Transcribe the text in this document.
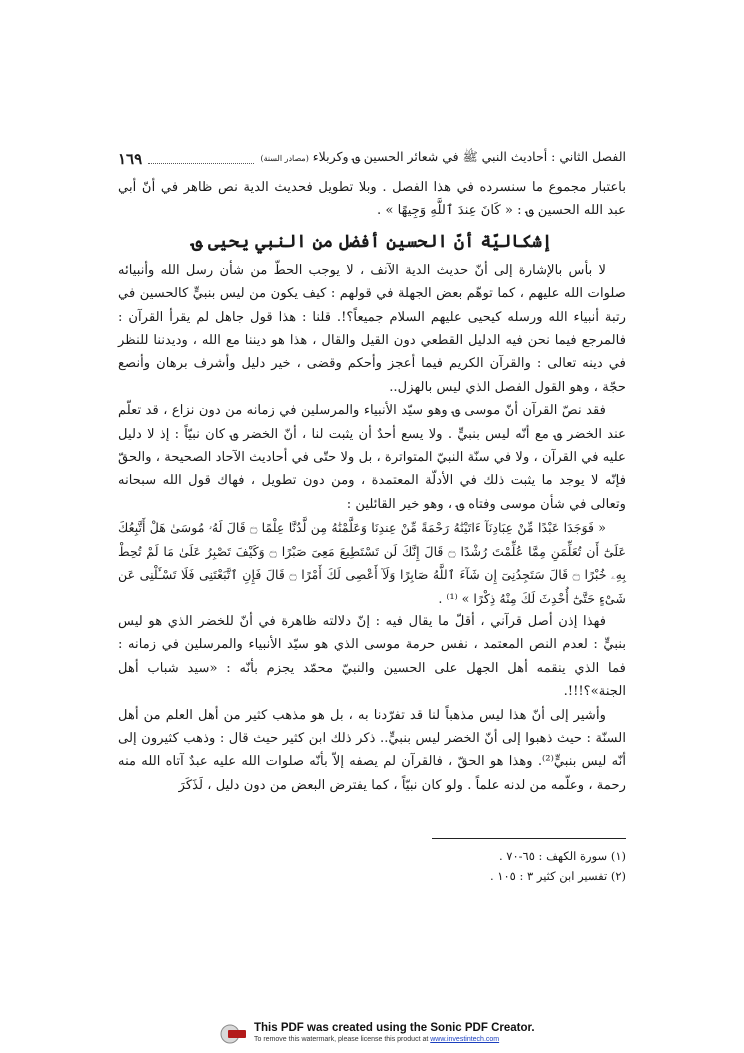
الفصل الثاني : أحاديث النبي ﷺ في شعائر الحسين ؈ وكربلاء (مصادر السنة)
١٦٩

باعتبار مجموع ما سنسرده في هذا الفصل . وبلا تطويل فحديث الدية نص ظاهر في أنّ أبي عبد الله الحسين ؈ : « كَانَ عِندَ ٱللَّهِ وَجِيهًا » .

إشكاليّة أنّ الحسين أفضل من النبي يحيى ؈

لا بأس بالإشارة إلى أنّ حديث الدية الآنف ، لا يوجب الحطّ من شأن رسل الله وأنبيائه صلوات الله عليهم ، كما توهّم بعض الجهلة في قولهم : كيف يكون من ليس بنبيٍّ كالحسين في رتبة أنبياء الله ورسله كيحيى عليهم السلام جميعاً؟!. قلنا : هذا قول جاهل لم يقرأ القرآن : فالمرجع فيما نحن فيه الدليل القطعي دون القيل والقال ، هذا هو ديننا مع الله ، وديدننا للنظر في دينه تعالى : والقرآن الكريم فيما أعجز وأحكم وقضى ، خير دليل وأشرف برهان وأنصع حجّة ، وهو القول الفصل الذي ليس بالهزل..

فقد نصّ القرآن أنّ موسى ؈ وهو سيّد الأنبياء والمرسلين في زمانه من دون نزاع ، قد تعلّم عند الخضر ؈ مع أنّه ليس بنبيٍّ . ولا يسع أحدٌ أن يثبت لنا ، أنّ الخضر ؈ كان نبيّاً : إذ لا دليل عليه في القرآن ، ولا في سنّة النبيّ المتواترة ، بل ولا حتّى في أحاديث الآحاد الصحيحة ، والحقّ فإنّه لا يوجد ما يثبت ذلك في الأدلّة المعتمدة ، ومن دون تطويل ، فهاك قول الله سبحانه وتعالى في شأن موسى وفتاه ؈ ، وهو خير القائلين :

« فَوَجَدَا عَبْدًا مِّنْ عِبَادِنَآ ءَاتَيْنَٰهُ رَحْمَةً مِّنْ عِندِنَا وَعَلَّمْنَٰهُ مِن لَّدُنَّا عِلْمًا ۝ قَالَ لَهُۥ مُوسَىٰ هَلْ أَتَّبِعُكَ عَلَىٰٓ أَن تُعَلِّمَنِ مِمَّا عُلِّمْتَ رُشْدًا ۝ قَالَ إِنَّكَ لَن تَسْتَطِيعَ مَعِىَ صَبْرًا ۝ وَكَيْفَ تَصْبِرُ عَلَىٰ مَا لَمْ تُحِطْ بِهِۦ خُبْرًا ۝ قَالَ سَتَجِدُنِىٓ إِن شَآءَ ٱللَّهُ صَابِرًا وَلَآ أَعْصِى لَكَ أَمْرًا ۝ قَالَ فَإِنِ ٱتَّبَعْتَنِى فَلَا تَسْـَٔلْنِى عَن شَىْءٍ حَتَّىٰٓ أُحْدِثَ لَكَ مِنْهُ ذِكْرًا » ⁽¹⁾ .

فهذا إذن أصل قرآني ، أقلّ ما يقال فيه : إنّ دلالته ظاهرة في أنّ للخضر الذي هو ليس بنبيٍّ : لعدم النص المعتمد ، نفس حرمة موسى الذي هو سيّد الأنبياء والمرسلين في زمانه : فما الذي ينقمه أهل الجهل على الحسين والنبيّ محمّد يجزم بأنّه : «سيد شباب أهل الجنة»؟!!!.

وأشير إلى أنّ هذا ليس مذهباً لنا قد تفرّدنا به ، بل هو مذهب كثير من أهل العلم من أهل السنّة : حيث ذهبوا إلى أنّ الخضر ليس بنبيٍّ.. ذكر ذلك ابن كثير حيث قال : وذهب كثيرون إلى أنّه ليس بنبيٍّ⁽²⁾. وهذا هو الحقّ ، فالقرآن لم يصفه إلاّ بأنّه صلوات الله عليه عبدٌ آتاه الله منه رحمة ، وعلّمه من لدنه علماً . ولو كان نبيّاً ، كما يفترض البعض من دون دليل ، لَذَكَرَ

(١) سورة الكهف : ٦٥-٧٠ .
(٢) تفسير ابن كثير ٣ : ١٠٥ .
This PDF was created using the Sonic PDF Creator.
To remove this watermark, please license this product at www.investintech.com
